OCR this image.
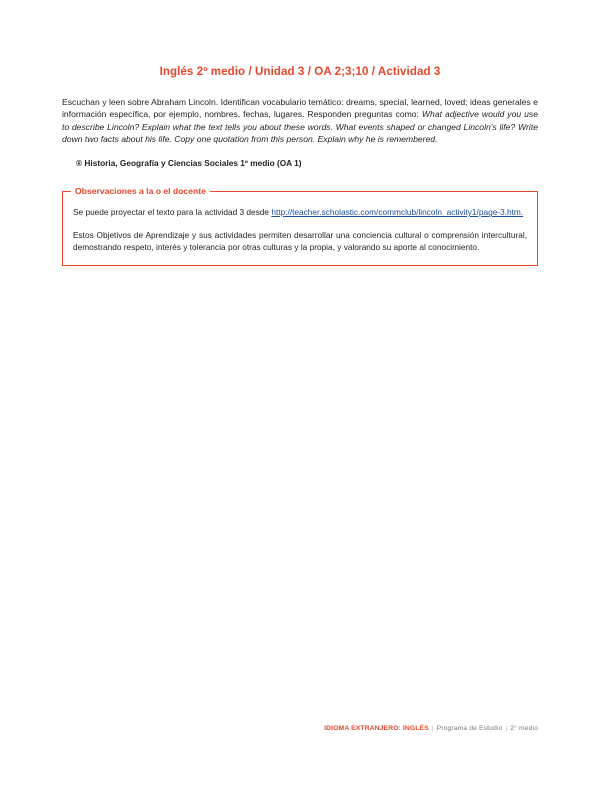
Inglés 2º medio / Unidad 3 / OA 2;3;10 / Actividad 3

Escuchan y leen sobre Abraham Lincoln. Identifican vocabulario temático: dreams, special, learned, loved; ideas generales e información específica, por ejemplo, nombres, fechas, lugares. Responden preguntas como: What adjective would you use to describe Lincoln? Explain what the text tells you about these words. What events shaped or changed Lincoln's life? Write down two facts about his life. Copy one quotation from this person. Explain why he is remembered.

® Historia, Geografía y Ciencias Sociales 1º medio (OA 1)

Observaciones a la o el docente

Se puede proyectar el texto para la actividad 3 desde http://teacher.scholastic.com/commclub/lincoln_activity1/page-3.htm.

Estos Objetivos de Aprendizaje y sus actividades permiten desarrollar una conciencia cultural o comprensión intercultural, demostrando respeto, interés y tolerancia por otras culturas y la propia, y valorando su aporte al conocimiento.

IDIOMA EXTRANJERO: INGLÉS | Programa de Estudio | 2° medio
